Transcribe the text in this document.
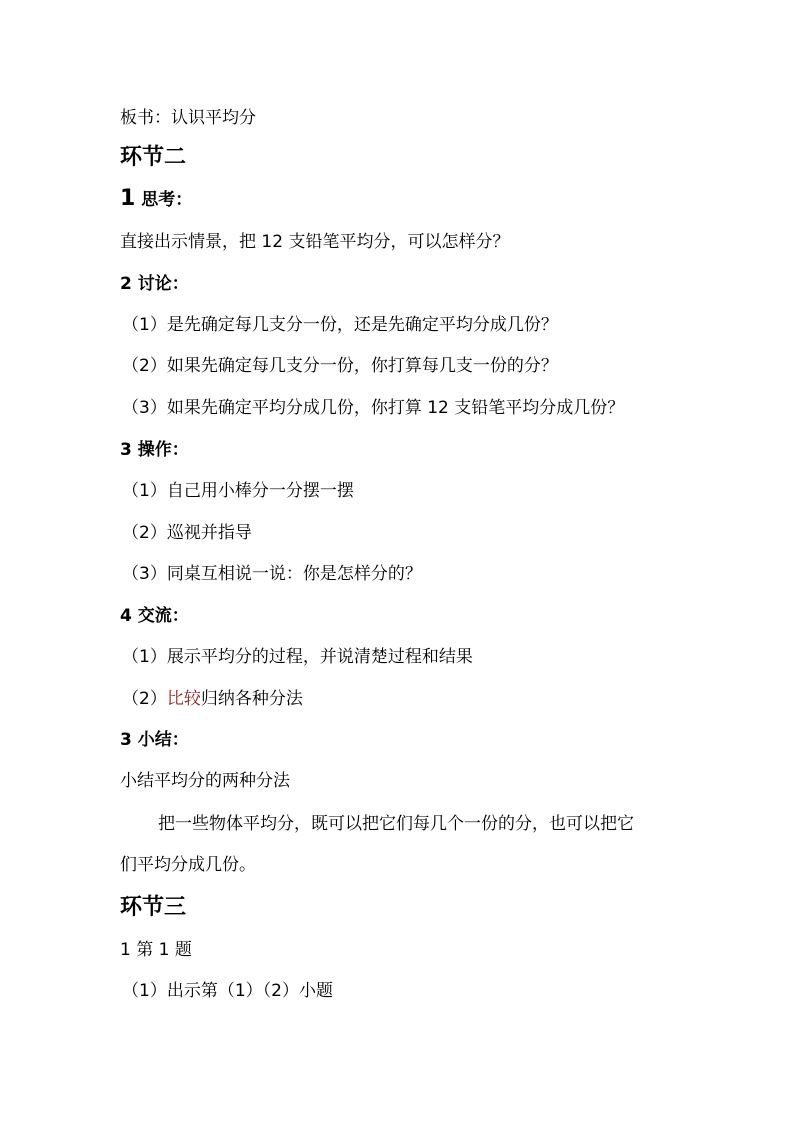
板书：认识平均分
环节二
1 思考：
直接出示情景，把 12 支铅笔平均分，可以怎样分？
2 讨论：
（1）是先确定每几支分一份，还是先确定平均分成几份？
（2）如果先确定每几支分一份，你打算每几支一份的分？
（3）如果先确定平均分成几份，你打算 12 支铅笔平均分成几份？
3 操作：
（1）自己用小棒分一分摆一摆
（2）巡视并指导
（3）同桌互相说一说：你是怎样分的？
4 交流：
（1）展示平均分的过程，并说清楚过程和结果
（2）比较归纳各种分法
3 小结：
小结平均分的两种分法
把一些物体平均分，既可以把它们每几个一份的分，也可以把它
们平均分成几份。
环节三
1 第 1 题
（1）出示第（1）（2）小题
